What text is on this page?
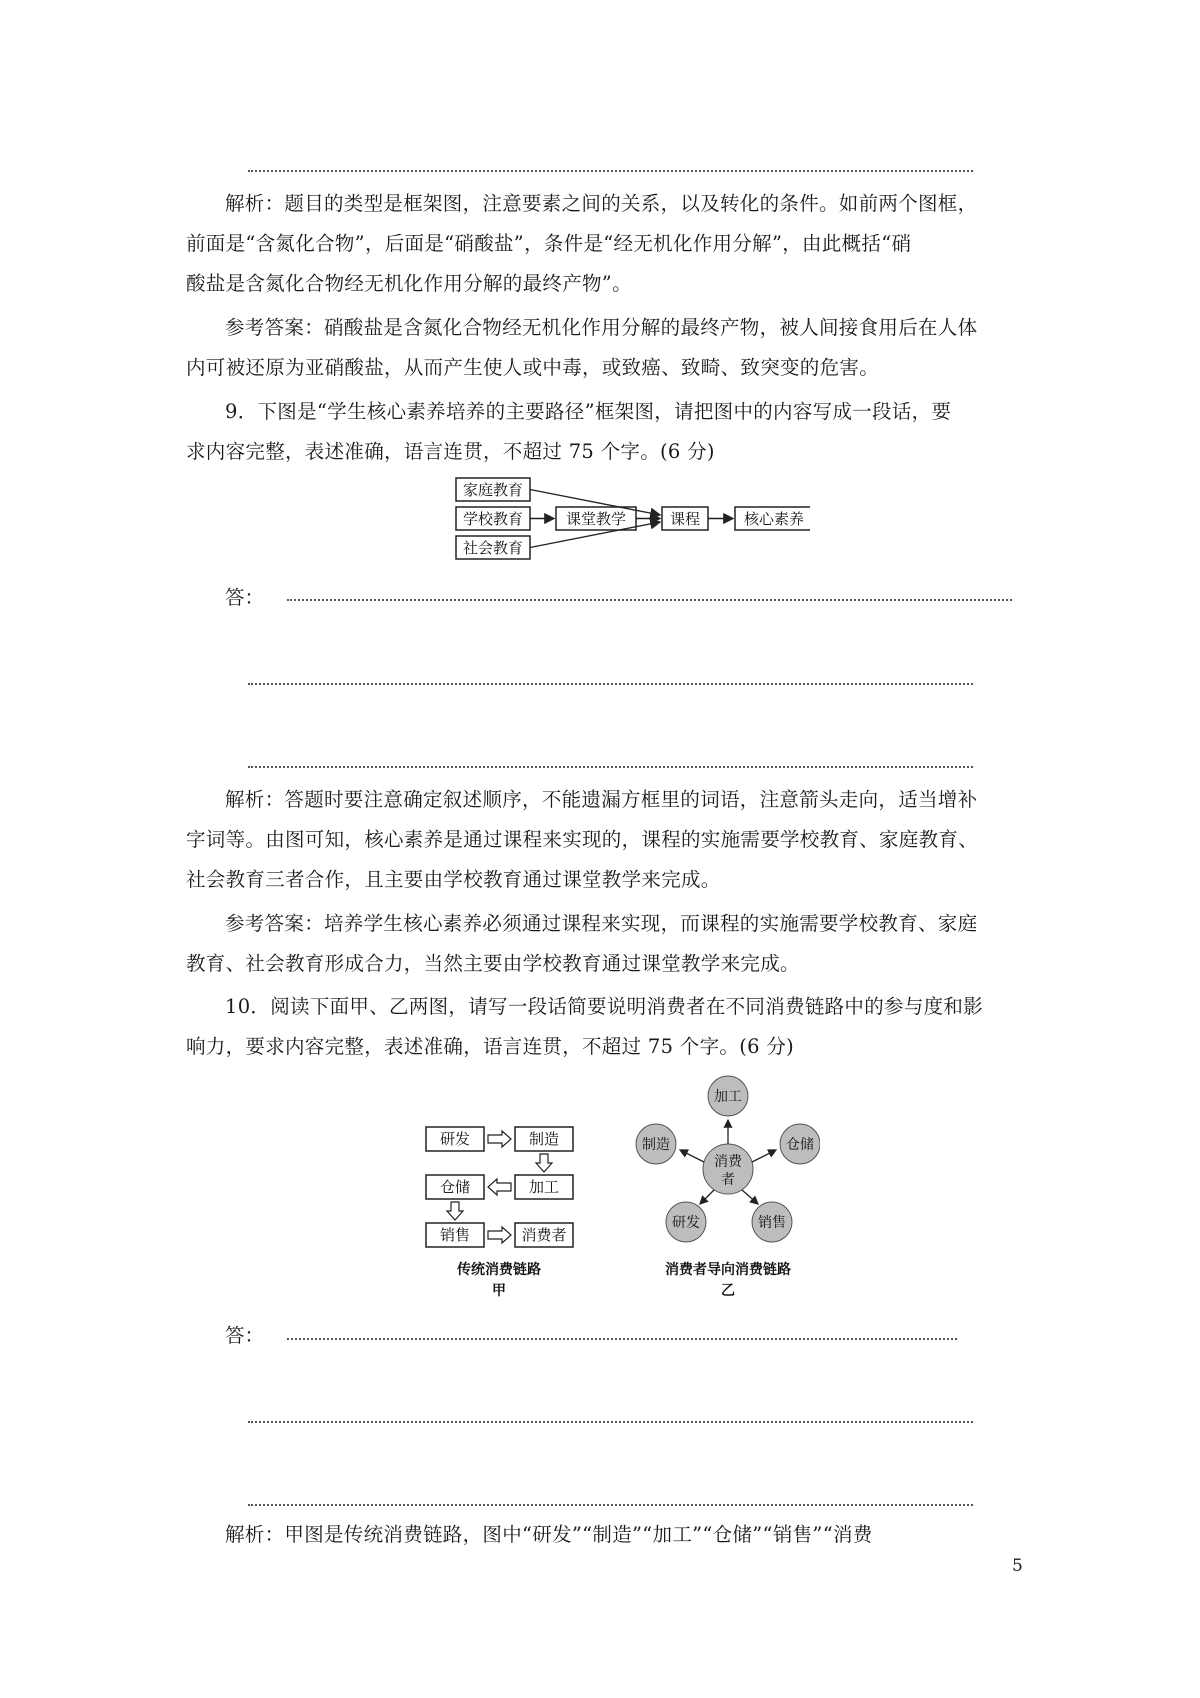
解析：题目的类型是框架图，注意要素之间的关系，以及转化的条件。如前两个图框，
前面是“含氮化合物”，后面是“硝酸盐”，条件是“经无机化作用分解”，由此概括“硝
酸盐是含氮化合物经无机化作用分解的最终产物”。
参考答案：硝酸盐是含氮化合物经无机化作用分解的最终产物，被人间接食用后在人体
内可被还原为亚硝酸盐，从而产生使人或中毒，或致癌、致畸、致突变的危害。
9．下图是“学生核心素养培养的主要路径”框架图，请把图中的内容写成一段话，要
求内容完整，表述准确，语言连贯，不超过 75 个字。(6 分)
家庭教育
学校教育
社会教育
课堂教学	课程	核心素养
答：
解析：答题时要注意确定叙述顺序，不能遗漏方框里的词语，注意箭头走向，适当增补
字词等。由图可知，核心素养是通过课程来实现的，课程的实施需要学校教育、家庭教育、
社会教育三者合作，且主要由学校教育通过课堂教学来完成。
参考答案：培养学生核心素养必须通过课程来实现，而课程的实施需要学校教育、家庭
教育、社会教育形成合力，当然主要由学校教育通过课堂教学来完成。
10．阅读下面甲、乙两图，请写一段话简要说明消费者在不同消费链路中的参与度和影
响力，要求内容完整，表述准确，语言连贯，不超过 75 个字。(6 分)
研发	制造
加工
仓储
销售	消费者
传统消费链路
甲
加工
制造	仓储
消费
者
研发	销售
消费者导向消费链路
乙
答：
解析：甲图是传统消费链路，图中“研发”“制造”“加工”“仓储”“销售”“消费
5
